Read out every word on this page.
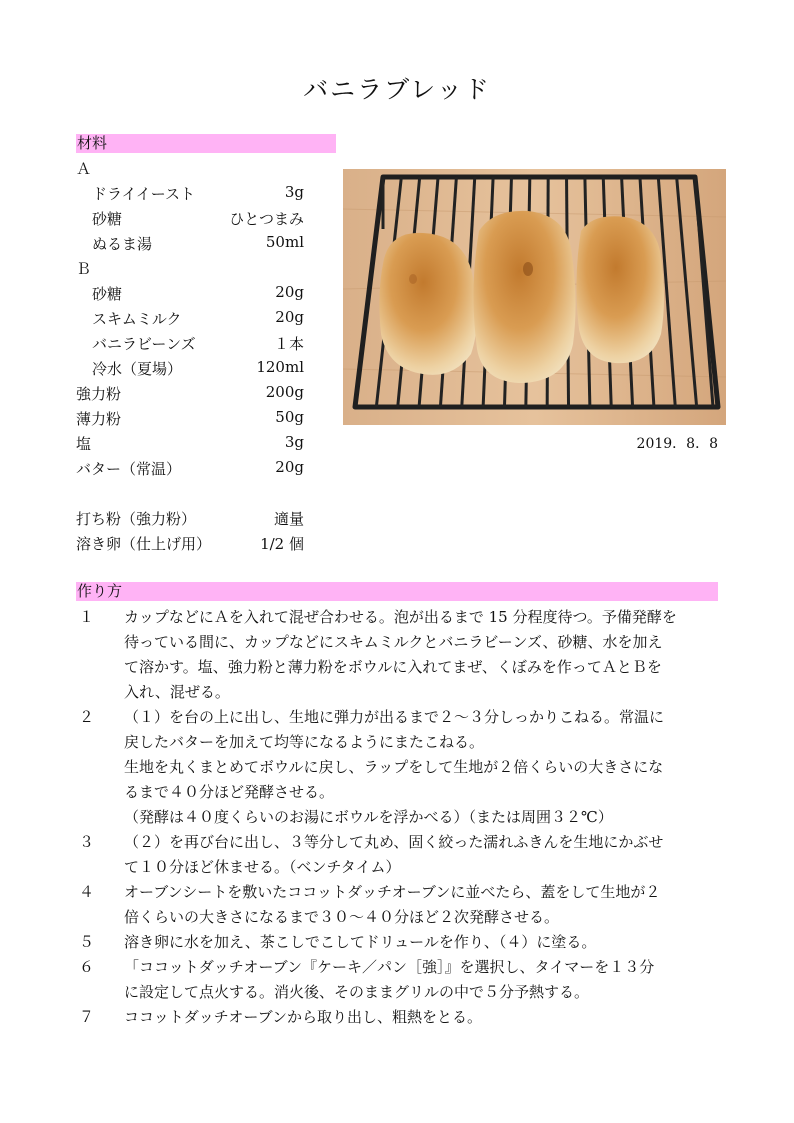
バニラブレッド
材料
Ａ
ドライイースト	3g
砂糖	ひとつまみ
ぬるま湯	50ml
Ｂ
砂糖	20g
スキムミルク	20g
バニラビーンズ	１本
冷水（夏場）	120ml
強力粉	200g
薄力粉	50g
塩	3g
バター（常温）	20g
打ち粉（強力粉）	適量
溶き卵（仕上げ用）	1/2 個
2019．8．8
作り方
１ カップなどにＡを入れて混ぜ合わせる。泡が出るまで 15 分程度待つ。予備発酵を
待っている間に、カップなどにスキムミルクとバニラビーンズ、砂糖、水を加え
て溶かす。塩、強力粉と薄力粉をボウルに入れてまぜ、くぼみを作ってＡとＢを
入れ、混ぜる。
２ （１）を台の上に出し、生地に弾力が出るまで２～３分しっかりこねる。常温に
戻したバターを加えて均等になるようにまたこねる。
生地を丸くまとめてボウルに戻し、ラップをして生地が２倍くらいの大きさにな
るまで４０分ほど発酵させる。
（発酵は４０度くらいのお湯にボウルを浮かべる）（または周囲３２℃）
３ （２）を再び台に出し、３等分して丸め、固く絞った濡れふきんを生地にかぶせ
て１０分ほど休ませる。（ベンチタイム）
４ オーブンシートを敷いたココットダッチオーブンに並べたら、蓋をして生地が２
倍くらいの大きさになるまで３０～４０分ほど２次発酵させる。
５ 溶き卵に水を加え、茶こしでこしてドリュールを作り、（４）に塗る。
６ 「ココットダッチオーブン『ケーキ／パン［強］』を選択し、タイマーを１３分
に設定して点火する。消火後、そのままグリルの中で５分予熱する。
７ ココットダッチオーブンから取り出し、粗熱をとる。
